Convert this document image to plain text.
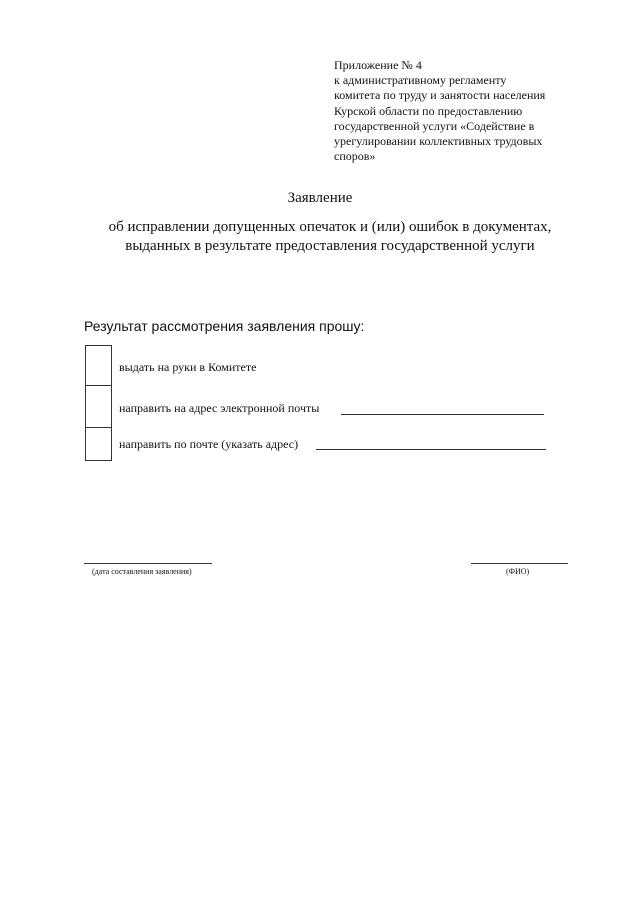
Приложение № 4
к административному регламенту
комитета по труду и занятости населения
Курской области по предоставлению
государственной услуги «Содействие в
урегулировании коллективных трудовых
споров»
Заявление
об исправлении допущенных опечаток и (или) ошибок в документах,
выданных в результате предоставления государственной услуги
Результат рассмотрения заявления прошу:
выдать на руки в Комитете
направить на адрес электронной почты
направить по почте (указать адрес)
(дата составления заявления)	(ФИО)
